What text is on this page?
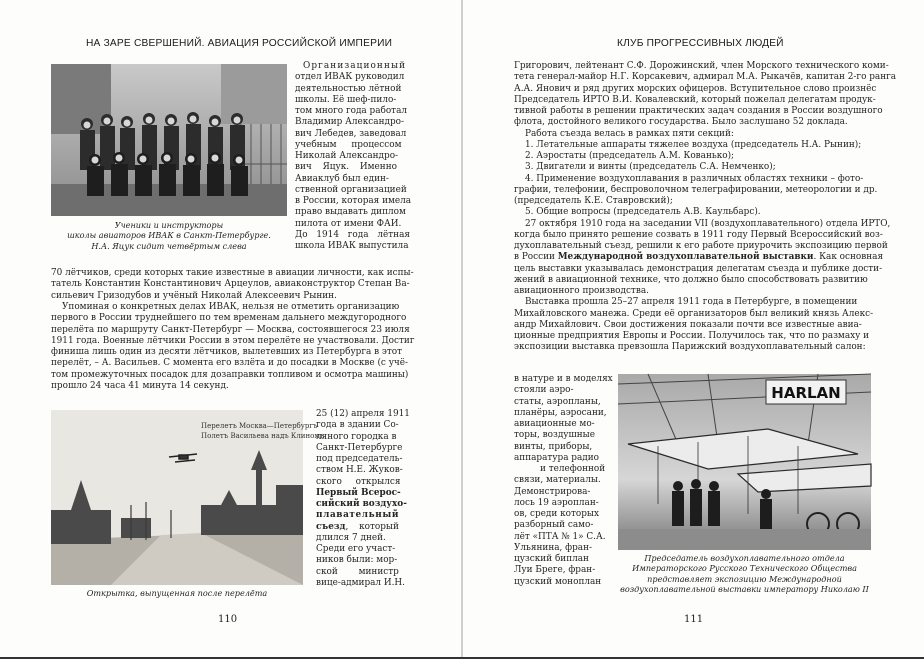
НА ЗАРЕ СВЕРШЕНИЙ. АВИАЦИЯ РОССИЙСКОЙ ИМПЕРИИ
Ученики и инструкторы
школы авиаторов ИВАК в Санкт-Петербурге.
Н.А. Яцук сидит четвёртым слева
Организационный
отдел ИВАК руководил
деятельностью лётной
школы. Её шеф-пило-
том много года работал
Владимир Александро-
вич Лебедев, заведовал
учебным процессом
Николай Александро-
вич Яцук. Именно
Авиаклуб был един-
ственной организацией
в России, которая имела
право выдавать диплом
пилота от имени ФАИ.
До 1914 года лётная
школа ИВАК выпустила
70 лётчиков, среди которых такие известные в авиации личности, как испы-
татель Константин Константинович Арцеулов, авиаконструктор Степан Ва-
сильевич Гризодубов и учёный Николай Алексеевич Рынин.
Упоминая о конкретных делах ИВАК, нельзя не отметить организацию
первого в России труднейшего по тем временам дальнего междугородного
перелёта по маршруту Санкт-Петербург — Москва, состоявшегося 23 июля
1911 года. Военные лётчики России в этом перелёте не участвовали. Достиг
финиша лишь один из десяти лётчиков, вылетевших из Петербурга в этот
перелёт, – А. Васильев. С момента его взлёта и до посадки в Москве (с учё-
том промежуточных посадок для дозаправки топливом и осмотра машины)
прошло 24 часа 41 минута 14 секунд.
Перелетъ Москва—Петербургъ
Полетъ Васильева надъ Клиномъ
Открытка, выпущенная после перелёта
25 (12) апреля 1911
года в здании Со-
ляного городка в
Санкт-Петербурге
под председатель-
ством Н.Е. Жуков-
ского открылся
Первый Всерос-
сийский воздухо-
плавательный
съезд, который
длился 7 дней.
Среди его участ-
ников были: мор-
ской министр
вице-адмирал И.Н.
110
КЛУБ ПРОГРЕССИВНЫХ ЛЮДЕЙ
Григорович, лейтенант С.Ф. Дорожинский, член Морского технического коми-
тета генерал-майор Н.Г. Корсакевич, адмирал М.А. Рыкачёв, капитан 2-го ранга
А.А. Янович и ряд других морских офицеров. Вступительное слово произнёс
Председатель ИРТО В.И. Ковалевский, который пожелал делегатам продук-
тивной работы в решении практических задач создания в России воздушного
флота, достойного великого государства. Было заслушано 52 доклада.
Работа съезда велась в рамках пяти секций:
1. Летательные аппараты тяжелее воздуха (председатель Н.А. Рынин);
2. Аэростаты (председатель А.М. Кованько);
3. Двигатели и винты (председатель С.А. Немченко);
4. Применение воздухоплавания в различных областях техники – фото-
графии, телефонии, беспроволочном телеграфировании, метеорологии и др.
(председатель К.Е. Ставровский);
5. Общие вопросы (председатель А.В. Каульбарс).
27 октября 1910 года на заседании VII (воздухоплавательного) отдела ИРТО,
когда было принято решение созвать в 1911 году Первый Всероссийский воз-
духоплавательный съезд, решили к его работе приурочить экспозицию первой
в России Международной воздухоплавательной выставки. Как основная
цель выставки указывалась демонстрация делегатам съезда и публике дости-
жений в авиационной технике, что должно было способствовать развитию
авиационного производства.
Выставка прошла 25–27 апреля 1911 года в Петербурге, в помещении
Михайловского манежа. Среди её организаторов был великий князь Алекс-
андр Михайлович. Свои достижения показали почти все известные авиа-
ционные предприятия Европы и России. Получилось так, что по размаху и
экспозиции выставка превзошла Парижский воздухоплавательный салон:
в натуре и в моделях
стояли аэро-
статы, аэропланы,
планёры, аэросани,
авиационные мо-
торы, воздушные
винты, приборы,
аппаратура радио
и телефонной
связи, материалы.
Демонстрирова-
лось 19 аэроплан-
ов, среди которых
разборный само-
лёт «ПТА № 1» С.А.
Ульянина, фран-
цузский биплан
Луи Бреге, фран-
цузский моноплан
HARLAN
Председатель воздухоплавательного отдела
Императорского Русского Технического Общества
представляет экспозицию Международной
воздухоплавательной выставки императору Николаю II
111
